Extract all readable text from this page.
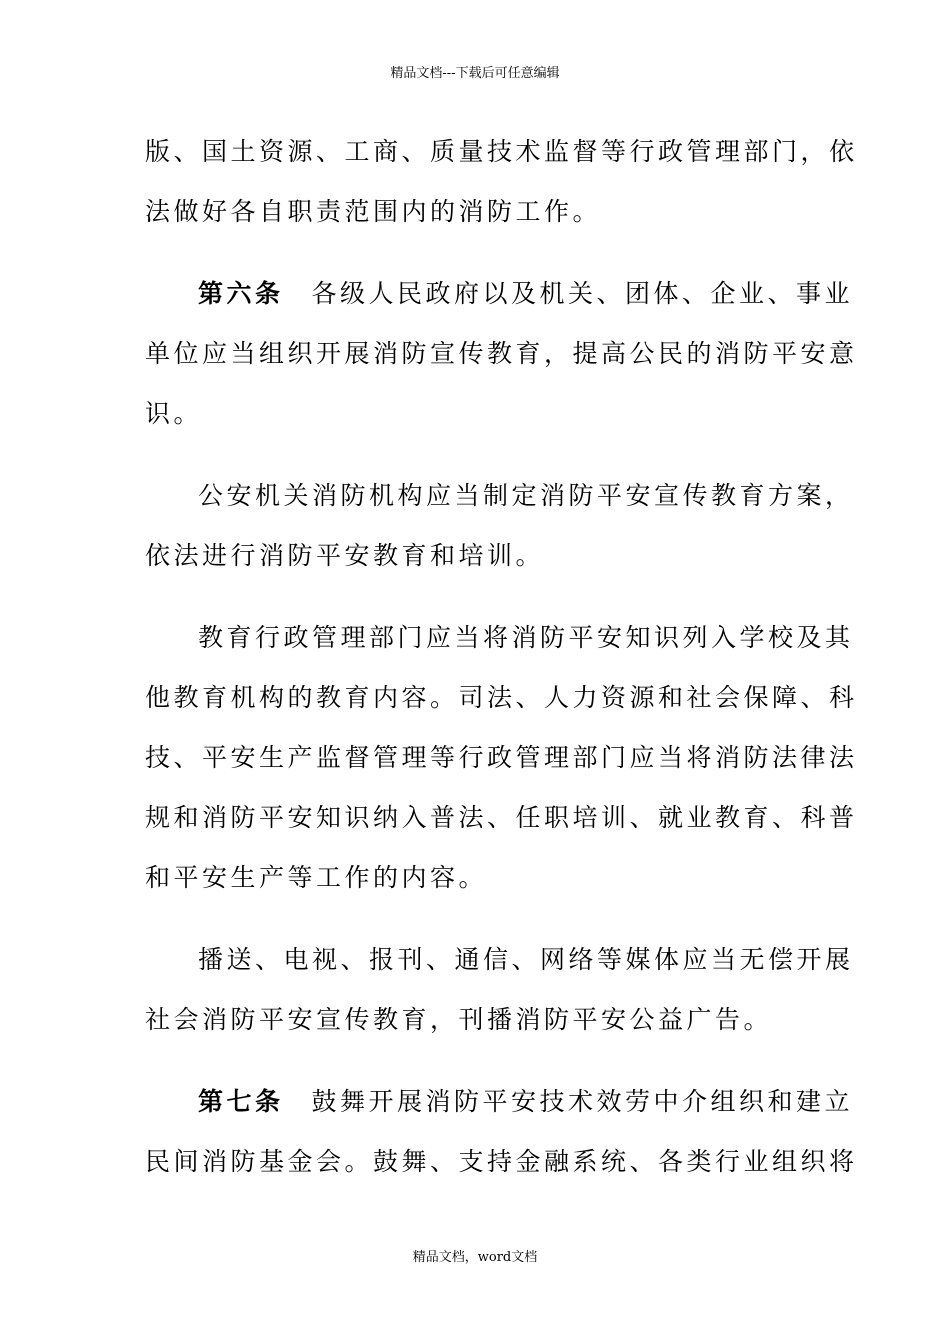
精品文档---下载后可任意编辑
版、国土资源、工商、质量技术监督等行政管理部门，依
法做好各自职责范围内的消防工作。
第六条 各级人民政府以及机关、团体、企业、事业
单位应当组织开展消防宣传教育，提高公民的消防平安意
识。
公安机关消防机构应当制定消防平安宣传教育方案，
依法进行消防平安教育和培训。
教育行政管理部门应当将消防平安知识列入学校及其
他教育机构的教育内容。司法、人力资源和社会保障、科
技、平安生产监督管理等行政管理部门应当将消防法律法
规和消防平安知识纳入普法、任职培训、就业教育、科普
和平安生产等工作的内容。
播送、电视、报刊、通信、网络等媒体应当无偿开展
社会消防平安宣传教育，刊播消防平安公益广告。
第七条 鼓舞开展消防平安技术效劳中介组织和建立
民间消防基金会。鼓舞、支持金融系统、各类行业组织将
精品文档，word文档
